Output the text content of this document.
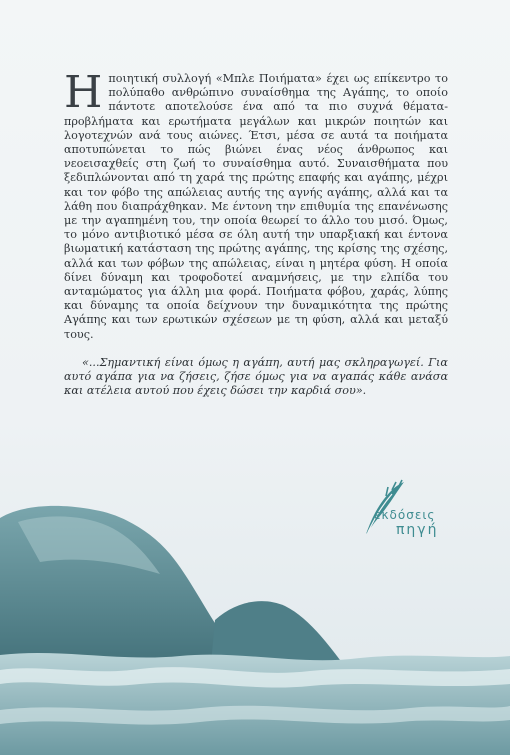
Η ποιητική συλλογή «Μπλε Ποιήματα» έχει ως επίκεντρο το πολύπαθο ανθρώπινο συναίσθημα της Αγάπης, το οποίο πάντοτε αποτελούσε ένα από τα πιο συχνά θέματα-προβλήματα και ερωτήματα μεγάλων και μικρών ποιητών και λογοτεχνών ανά τους αιώνες. Έτσι, μέσα σε αυτά τα ποιήματα αποτυπώνεται το πώς βιώνει ένας νέος άνθρωπος και νεοεισαχθείς στη ζωή το συναίσθημα αυτό. Συναισθήματα που ξεδιπλώνονται από τη χαρά της πρώτης επαφής και αγάπης, μέχρι και τον φόβο της απώλειας αυτής της αγνής αγάπης, αλλά και τα λάθη που διαπράχθηκαν. Με έντονη την επιθυμία της επανένωσης με την αγαπημένη του, την οποία θεωρεί το άλλο του μισό. Όμως, το μόνο αντιβιοτικό μέσα σε όλη αυτή την υπαρξιακή και έντονα βιωματική κατάσταση της πρώτης αγάπης, της κρίσης της σχέσης, αλλά και των φόβων της απώλειας, είναι η μητέρα φύση. Η οποία δίνει δύναμη και τροφοδοτεί αναμνήσεις, με την ελπίδα του ανταμώματος για άλλη μια φορά. Ποιήματα φόβου, χαράς, λύπης και δύναμης τα οποία δείχνουν την δυναμικότητα της πρώτης Αγάπης και των ερωτικών σχέσεων με τη φύση, αλλά και μεταξύ τους.

«...Σημαντική είναι όμως η αγάπη, αυτή μας σκληραγωγεί. Για αυτό αγάπα για να ζήσεις, ζήσε όμως για να αγαπάς κάθε ανάσα και ατέλεια αυτού που έχεις δώσει την καρδιά σου».

εκδόσεις
πηγή
